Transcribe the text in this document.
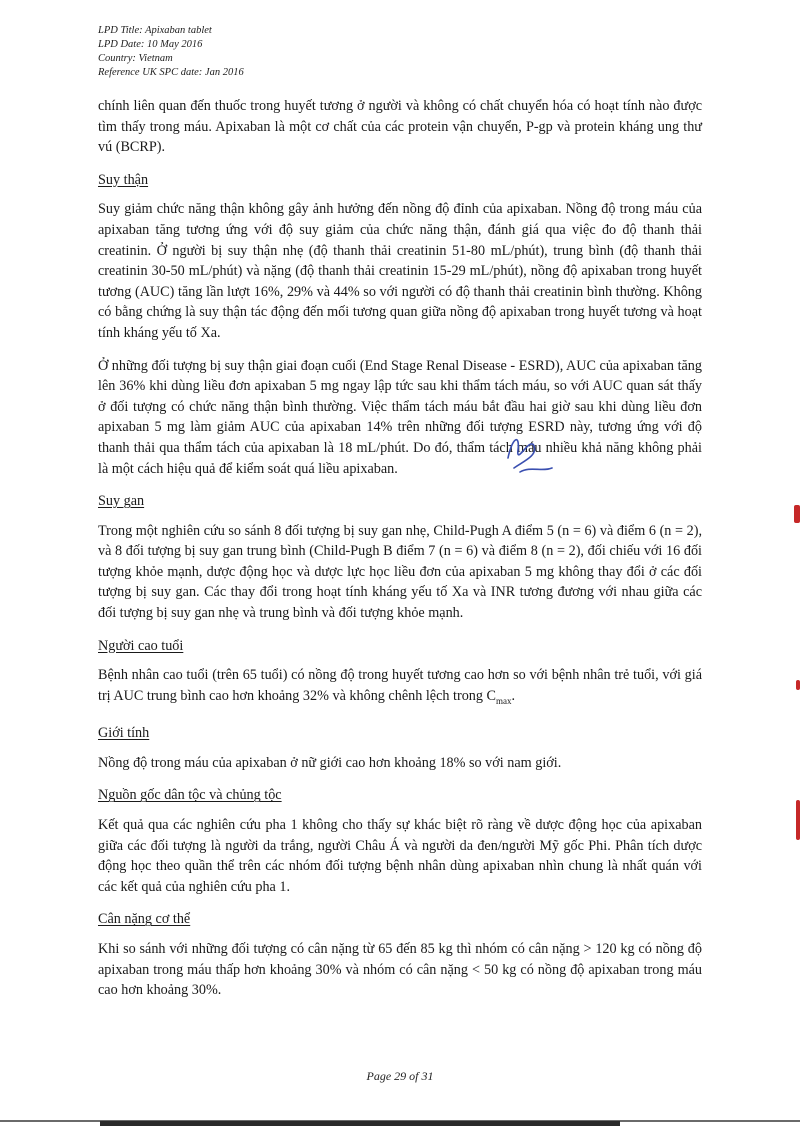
LPD Title: Apixaban tablet
LPD Date: 10 May 2016
Country: Vietnam
Reference UK SPC date: Jan 2016

chính liên quan đến thuốc trong huyết tương ở người và không có chất chuyển hóa có hoạt tính nào được tìm thấy trong máu. Apixaban là một cơ chất của các protein vận chuyển, P-gp và protein kháng ung thư vú (BCRP).

Suy thận

Suy giảm chức năng thận không gây ảnh hưởng đến nồng độ đỉnh của apixaban. Nồng độ trong máu của apixaban tăng tương ứng với độ suy giảm của chức năng thận, đánh giá qua việc đo độ thanh thải creatinin. Ở người bị suy thận nhẹ (độ thanh thải creatinin 51-80 mL/phút), trung bình (độ thanh thải creatinin 30-50 mL/phút) và nặng (độ thanh thải creatinin 15-29 mL/phút), nồng độ apixaban trong huyết tương (AUC) tăng lần lượt 16%, 29% và 44% so với người có độ thanh thải creatinin bình thường. Không có bằng chứng là suy thận tác động đến mối tương quan giữa nồng độ apixaban trong huyết tương và hoạt tính kháng yếu tố Xa.

Ở những đối tượng bị suy thận giai đoạn cuối (End Stage Renal Disease - ESRD), AUC của apixaban tăng lên 36% khi dùng liều đơn apixaban 5 mg ngay lập tức sau khi thẩm tách máu, so với AUC quan sát thấy ở đối tượng có chức năng thận bình thường. Việc thẩm tách máu bắt đầu hai giờ sau khi dùng liều đơn apixaban 5 mg làm giảm AUC của apixaban 14% trên những đối tượng ESRD này, tương ứng với độ thanh thải qua thẩm tách của apixaban là 18 mL/phút. Do đó, thẩm tách máu nhiều khả năng không phải là một cách hiệu quả để kiểm soát quá liều apixaban.

Suy gan

Trong một nghiên cứu so sánh 8 đối tượng bị suy gan nhẹ, Child-Pugh A điểm 5 (n = 6) và điểm 6 (n = 2), và 8 đối tượng bị suy gan trung bình (Child-Pugh B điểm 7 (n = 6) và điểm 8 (n = 2), đối chiếu với 16 đối tượng khỏe mạnh, dược động học và dược lực học liều đơn của apixaban 5 mg không thay đổi ở các đối tượng bị suy gan. Các thay đổi trong hoạt tính kháng yếu tố Xa và INR tương đương với nhau giữa các đối tượng bị suy gan nhẹ và trung bình và đối tượng khỏe mạnh.

Người cao tuổi

Bệnh nhân cao tuổi (trên 65 tuổi) có nồng độ trong huyết tương cao hơn so với bệnh nhân trẻ tuổi, với giá trị AUC trung bình cao hơn khoảng 32% và không chênh lệch trong $C_{max}$.

Giới tính

Nồng độ trong máu của apixaban ở nữ giới cao hơn khoảng 18% so với nam giới.

Nguồn gốc dân tộc và chủng tộc

Kết quả qua các nghiên cứu pha 1 không cho thấy sự khác biệt rõ ràng về dược động học của apixaban giữa các đối tượng là người da trắng, người Châu Á và người da đen/người Mỹ gốc Phi. Phân tích dược động học theo quần thể trên các nhóm đối tượng bệnh nhân dùng apixaban nhìn chung là nhất quán với các kết quả của nghiên cứu pha 1.

Cân nặng cơ thể

Khi so sánh với những đối tượng có cân nặng từ 65 đến 85 kg thì nhóm có cân nặng > 120 kg có nồng độ apixaban trong máu thấp hơn khoảng 30% và nhóm có cân nặng < 50 kg có nồng độ apixaban trong máu cao hơn khoảng 30%.

Page 29 of 31
